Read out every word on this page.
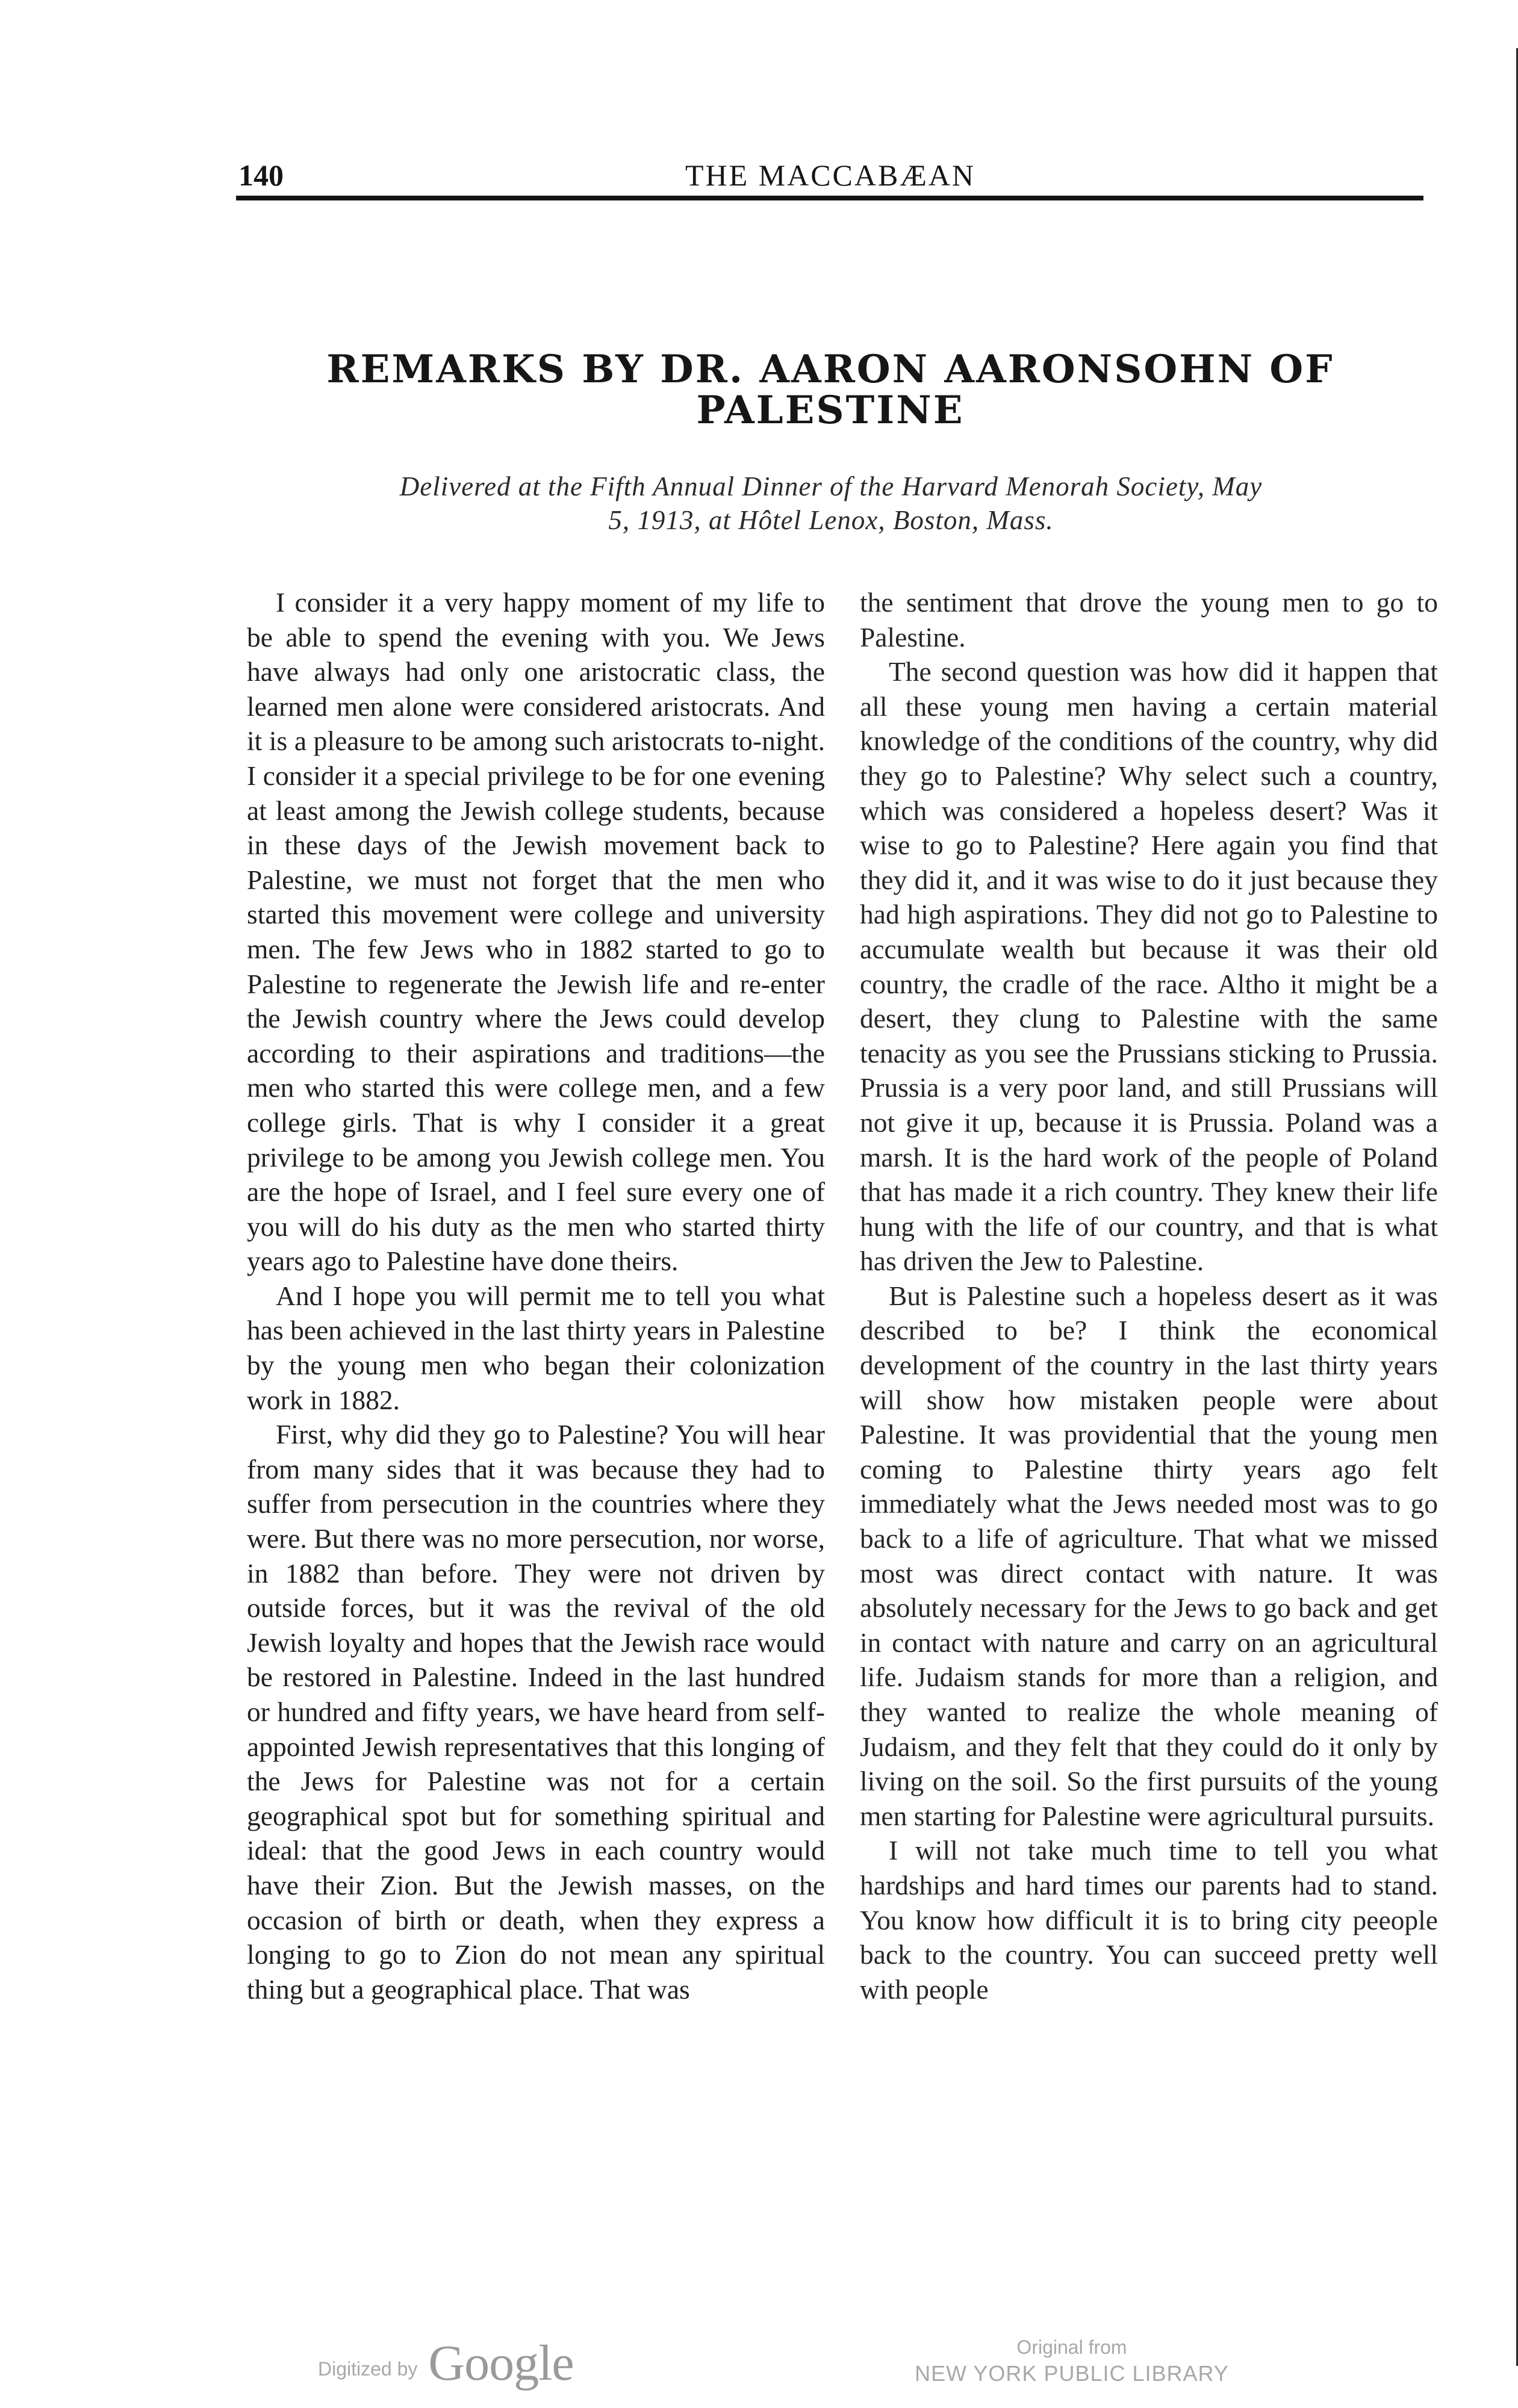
140	THE MACCABÆAN
REMARKS BY DR. AARON AARONSOHN OF
PALESTINE
Delivered at the Fifth Annual Dinner of the Harvard Menorah Society, May
5, 1913, at Hôtel Lenox, Boston, Mass.

I consider it a very happy moment of my life to be able to spend the evening with you. We Jews have always had only one aristocratic class, the learned men alone were considered aristocrats. And it is a pleasure to be among such aristocrats to-night. I consider it a special privilege to be for one evening at least among the Jewish college students, because in these days of the Jewish movement back to Palestine, we must not forget that the men who started this movement were college and university men. The few Jews who in 1882 started to go to Palestine to regenerate the Jewish life and re-enter the Jewish country where the Jews could develop according to their aspirations and traditions—the men who started this were college men, and a few college girls. That is why I consider it a great privilege to be among you Jewish college men. You are the hope of Israel, and I feel sure every one of you will do his duty as the men who started thirty years ago to Palestine have done theirs.

And I hope you will permit me to tell you what has been achieved in the last thirty years in Palestine by the young men who began their colonization work in 1882.

First, why did they go to Palestine? You will hear from many sides that it was because they had to suffer from persecution in the countries where they were. But there was no more persecution, nor worse, in 1882 than before. They were not driven by outside forces, but it was the revival of the old Jewish loyalty and hopes that the Jewish race would be restored in Palestine. Indeed in the last hundred or hundred and fifty years, we have heard from self-appointed Jewish representatives that this longing of the Jews for Palestine was not for a certain geographical spot but for something spiritual and ideal: that the good Jews in each country would have their Zion. But the Jewish masses, on the occasion of birth or death, when they express a longing to go to Zion do not mean any spiritual thing but a geographical place. That was

the sentiment that drove the young men to go to Palestine.

The second question was how did it happen that all these young men having a certain material knowledge of the conditions of the country, why did they go to Palestine? Why select such a country, which was considered a hopeless desert? Was it wise to go to Palestine? Here again you find that they did it, and it was wise to do it just because they had high aspirations. They did not go to Palestine to accumulate wealth but because it was their old country, the cradle of the race. Altho it might be a desert, they clung to Palestine with the same tenacity as you see the Prussians sticking to Prussia. Prussia is a very poor land, and still Prussians will not give it up, because it is Prussia. Poland was a marsh. It is the hard work of the people of Poland that has made it a rich country. They knew their life hung with the life of our country, and that is what has driven the Jew to Palestine.

But is Palestine such a hopeless desert as it was described to be? I think the economical development of the country in the last thirty years will show how mistaken people were about Palestine. It was providential that the young men coming to Palestine thirty years ago felt immediately what the Jews needed most was to go back to a life of agriculture. That what we missed most was direct contact with nature. It was absolutely necessary for the Jews to go back and get in contact with nature and carry on an agricultural life. Judaism stands for more than a religion, and they wanted to realize the whole meaning of Judaism, and they felt that they could do it only by living on the soil. So the first pursuits of the young men starting for Palestine were agricultural pursuits.

I will not take much time to tell you what hardships and hard times our parents had to stand. You know how difficult it is to bring city peeople back to the country. You can succeed pretty well with people

Digitized by Google	Original from
NEW YORK PUBLIC LIBRARY
